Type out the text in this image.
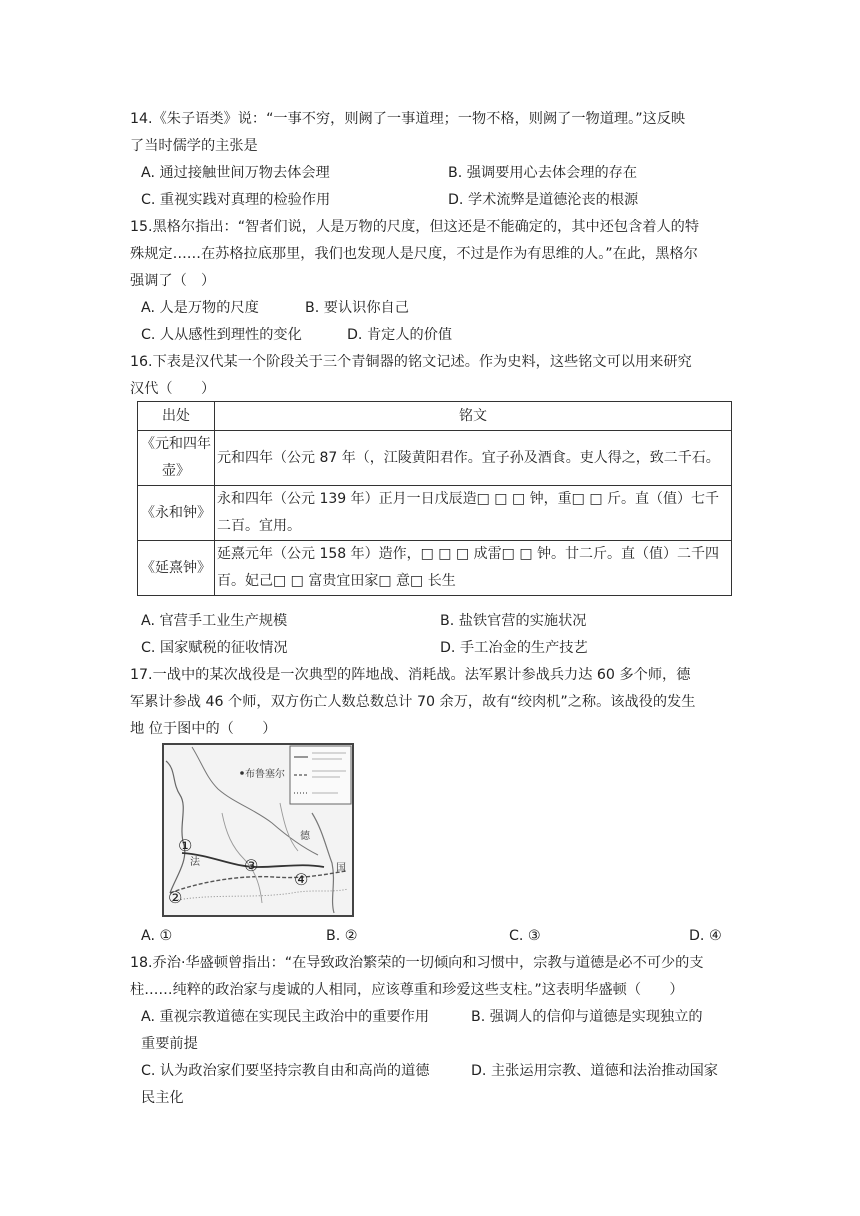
14.《朱子语类》说：“一事不穷，则阙了一事道理；一物不格，则阙了一物道理。”这反映
了当时儒学的主张是
A. 通过接触世间万物去体会理	B. 强调要用心去体会理的存在
C. 重视实践对真理的检验作用	D. 学术流弊是道德沦丧的根源
15.黑格尔指出：“智者们说，人是万物的尺度，但这还是不能确定的，其中还包含着人的特
殊规定……在苏格拉底那里，我们也发现人是尺度，不过是作为有思维的人。”在此，黑格尔
强调了（　）
A. 人是万物的尺度	B. 要认识你自己
C. 人从感性到理性的变化	D. 肯定人的价值
16.下表是汉代某一个阶段关于三个青铜器的铭文记述。作为史料，这些铭文可以用来研究
汉代（　　）
出处	铭文
《元和四年壶》	元和四年（公元 87 年（，江陵黄阳君作。宜子孙及酒食。吏人得之，致二千石。
《永和钟》	永和四年（公元 139 年）正月一日戊辰造□ □ □ 钟，重□ □ 斤。直（值）七千二百。宜用。
《延熹钟》	延熹元年（公元 158 年）造作，□ □ □ 成雷□ □ 钟。廿二斤。直（值）二千四百。妃己□ □ 富贵宜田家□ 意□ 长生
A. 官营手工业生产规模	B. 盐铁官营的实施状况
C. 国家赋税的征收情况	D. 手工冶金的生产技艺
17.一战中的某次战役是一次典型的阵地战、消耗战。法军累计参战兵力达 60 多个师，德
军累计参战 46 个师，双方伤亡人数总数总计 70 余万，故有“绞肉机”之称。该战役的发生
地 位于图中的（　　）
布鲁塞尔
法
德
国
①
②
③
④
A. ①	B. ②	C. ③	D. ④
18.乔治·华盛顿曾指出：“在导致政治繁荣的一切倾向和习惯中，宗教与道德是必不可少的支
柱……纯粹的政治家与虔诚的人相同，应该尊重和珍爱这些支柱。”这表明华盛顿（　　）
A. 重视宗教道德在实现民主政治中的重要作用	B. 强调人的信仰与道德是实现独立的
重要前提
C. 认为政治家们要坚持宗教自由和高尚的道德	D. 主张运用宗教、道德和法治推动国家
民主化
